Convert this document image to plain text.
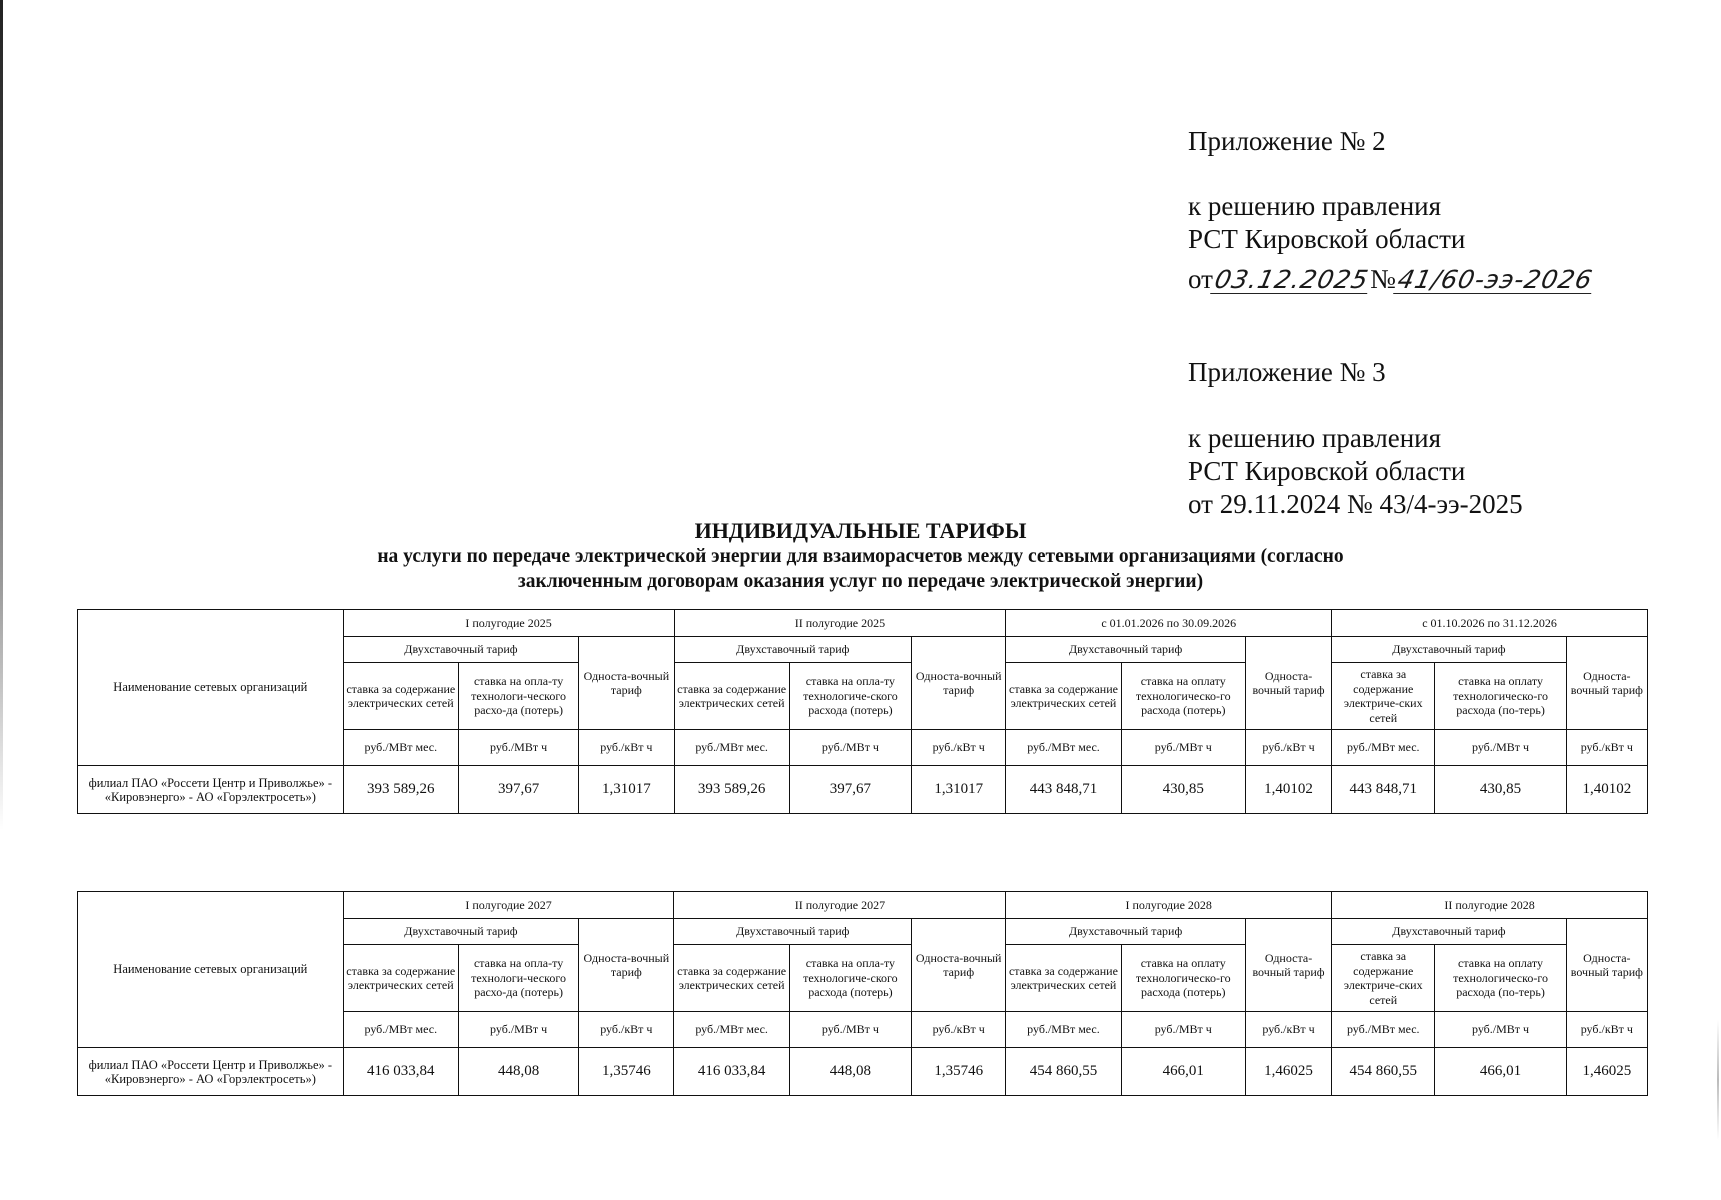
Приложение № 2

к решению правления

РСТ Кировской области

от 03.12.2025
№ 41/60-ээ-2026

Приложение № 3

к решению правления

РСТ Кировской области

от 29.11.2024 № 43/4-ээ-2025

ИНДИВИДУАЛЬНЫЕ ТАРИФЫ
на услуги по передаче электрической энергии для взаиморасчетов между сетевыми организациями (согласно
заключенным договорам оказания услуг по передаче электрической энергии)
Наименование сетевых организаций	I полугодие 2025			II полугодие 2025			с 01.01.2026 по 30.09.2026			с 01.10.2026 по 31.12.2026		
	Двухставочный тариф		Односта-вочный тариф	Двухставочный тариф		Односта-вочный тариф	Двухставочный тариф		Односта-вочный тариф	Двухставочный тариф		Односта-вочный тариф
	ставка за содержание электрических сетей	ставка на опла-ту технологи-ческого расхо-да (потерь)		ставка за содержание электрических сетей	ставка на опла-ту технологиче-ского расхода (потерь)		ставка за содержание электрических сетей	ставка на оплату технологическо-го расхода (потерь)		ставка за содержание электриче-ских сетей	ставка на оплату технологическо-го расхода (по-терь)	
	руб./МВт мес.	руб./МВт ч	руб./кВт ч	руб./МВт мес.	руб./МВт ч	руб./кВт ч	руб./МВт мес.	руб./МВт ч	руб./кВт ч	руб./МВт мес.	руб./МВт ч	руб./кВт ч
филиал ПАО «Россети Центр и Приволжье» - «Кировэнерго» - АО «Горэлектросеть»)	393 589,26	397,67	1,31017	393 589,26	397,67	1,31017	443 848,71	430,85	1,40102	443 848,71	430,85	1,40102
Наименование сетевых организаций	I полугодие 2027			II полугодие 2027			I полугодие 2028			II полугодие 2028		
	Двухставочный тариф		Односта-вочный тариф	Двухставочный тариф		Односта-вочный тариф	Двухставочный тариф		Односта-вочный тариф	Двухставочный тариф		Односта-вочный тариф
	ставка за содержание электрических сетей	ставка на опла-ту технологи-ческого расхо-да (потерь)		ставка за содержание электрических сетей	ставка на опла-ту технологиче-ского расхода (потерь)		ставка за содержание электрических сетей	ставка на оплату технологическо-го расхода (потерь)		ставка за содержание электриче-ских сетей	ставка на оплату технологическо-го расхода (по-терь)	
	руб./МВт мес.	руб./МВт ч	руб./кВт ч	руб./МВт мес.	руб./МВт ч	руб./кВт ч	руб./МВт мес.	руб./МВт ч	руб./кВт ч	руб./МВт мес.	руб./МВт ч	руб./кВт ч
филиал ПАО «Россети Центр и Приволжье» - «Кировэнерго» - АО «Горэлектросеть»)	416 033,84	448,08	1,35746	416 033,84	448,08	1,35746	454 860,55	466,01	1,46025	454 860,55	466,01	1,46025
